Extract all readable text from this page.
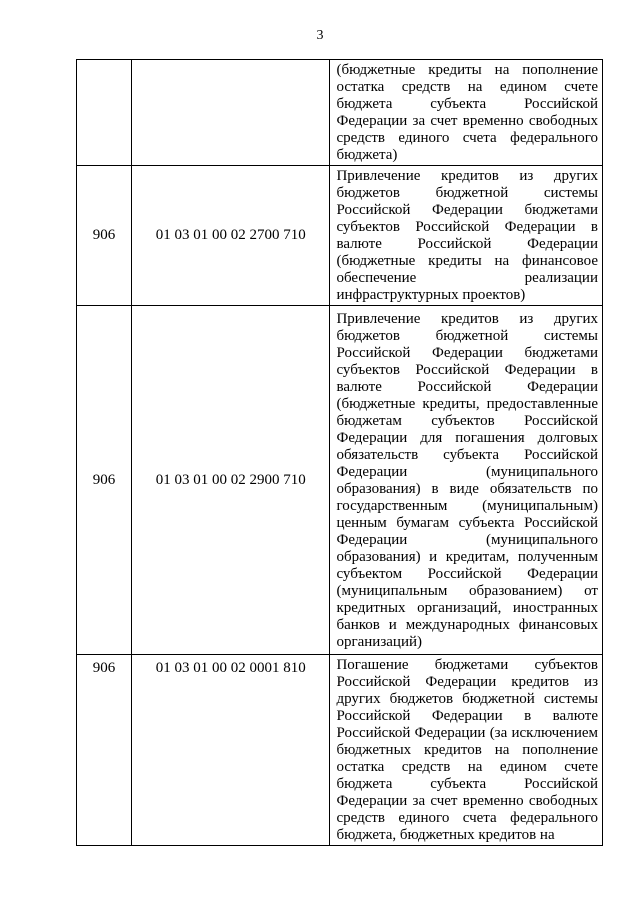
3

		(бюджетные кредиты на пополнение остатка средств на едином счете бюджета субъекта Российской Федерации за счет временно свободных средств единого счета федерального бюджета)

906	01 03 01 00 02 2700 710	Привлечение кредитов из других бюджетов бюджетной системы Российской Федерации бюджетами субъектов Российской Федерации в валюте Российской Федерации (бюджетные кредиты на финансовое обеспечение реализации инфраструктурных проектов)

906	01 03 01 00 02 2900 710	Привлечение кредитов из других бюджетов бюджетной системы Российской Федерации бюджетами субъектов Российской Федерации в валюте Российской Федерации (бюджетные кредиты, предоставленные бюджетам субъектов Российской Федерации для погашения долговых обязательств субъекта Российской Федерации (муниципального образования) в виде обязательств по государственным (муниципальным) ценным бумагам субъекта Российской Федерации (муниципального образования) и кредитам, полученным субъектом Российской Федерации (муниципальным образованием) от кредитных организаций, иностранных банков и международных финансовых организаций)

906	01 03 01 00 02 0001 810	Погашение бюджетами субъектов Российской Федерации кредитов из других бюджетов бюджетной системы Российской Федерации в валюте Российской Федерации (за исключением бюджетных кредитов на пополнение остатка средств на едином счете бюджета субъекта Российской Федерации за счет временно свободных средств единого счета федерального бюджета, бюджетных кредитов на
